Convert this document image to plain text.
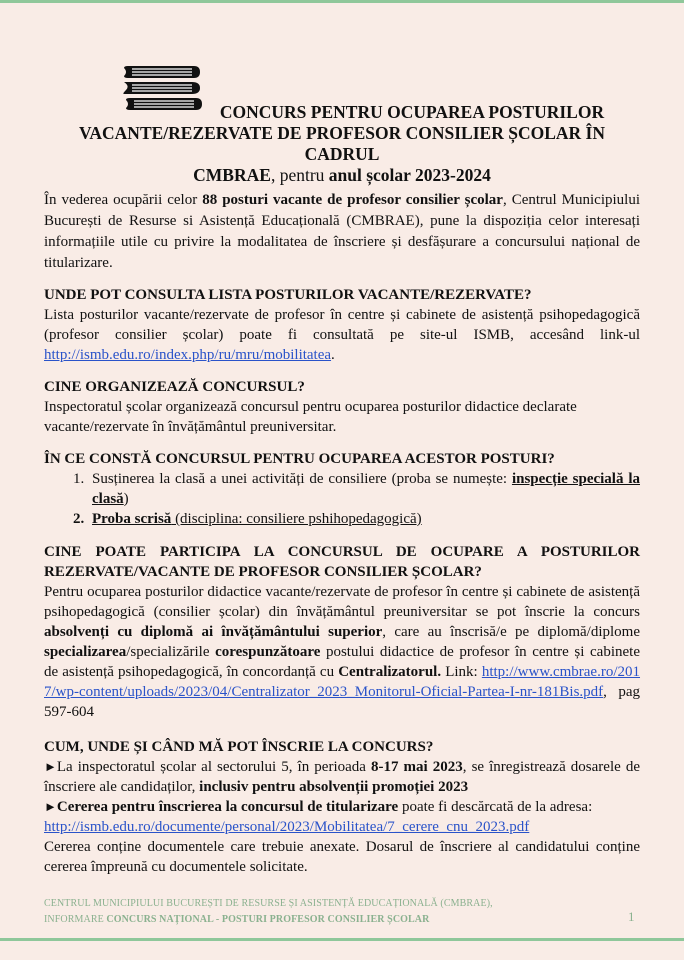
CONCURS PENTRU OCUPAREA POSTURILOR
VACANTE/REZERVATE DE PROFESOR CONSILIER ȘCOLAR ÎN CADRUL
CMBRAE, pentru anul școlar 2023-2024
În vederea ocupării celor 88 posturi vacante de profesor consilier școlar, Centrul Municipiului București de Resurse si Asistență Educațională (CMBRAE), pune la dispoziția celor interesați informațiile utile cu privire la modalitatea de înscriere și desfășurare a concursului național de titularizare.
UNDE POT CONSULTA LISTA POSTURILOR VACANTE/REZERVATE?
Lista posturilor vacante/rezervate de profesor în centre și cabinete de asistență psihopedagogică (profesor consilier școlar) poate fi consultată pe site-ul ISMB, accesând link-ul http://ismb.edu.ro/index.php/ru/mru/mobilitatea.
CINE ORGANIZEAZĂ CONCURSUL?
Inspectoratul școlar organizează concursul pentru ocuparea posturilor didactice declarate vacante/rezervate în învățământul preuniversitar.
ÎN CE CONSTĂ CONCURSUL PENTRU OCUPAREA ACESTOR POSTURI?
1. Susținerea la clasă a unei activități de consiliere (proba se numește: inspecție specială la clasă)
2. Proba scrisă (disciplina: consiliere pshihopedagogică)
CINE POATE PARTICIPA LA CONCURSUL DE OCUPARE A POSTURILOR REZERVATE/VACANTE DE PROFESOR CONSILIER ȘCOLAR?
Pentru ocuparea posturilor didactice vacante/rezervate de profesor în centre și cabinete de asistență psihopedagogică (consilier școlar) din învățământul preuniversitar se pot înscrie la concurs absolvenți cu diplomă ai învățământului superior, care au înscrisă/e pe diplomă/diplome specializarea/specializările corespunzătoare postului didactice de profesor în centre și cabinete de asistență psihopedagogică, în concordanță cu Centralizatorul. Link: http://www.cmbrae.ro/2017/wp-content/uploads/2023/04/Centralizator_2023_Monitorul-Oficial-Partea-I-nr-181Bis.pdf, pag 597-604
CUM, UNDE ȘI CÂND MĂ POT ÎNSCRIE LA CONCURS?
►La inspectoratul școlar al sectorului 5, în perioada 8-17 mai 2023, se înregistrează dosarele de înscriere ale candidaților, inclusiv pentru absolvenții promoției 2023
►Cererea pentru înscrierea la concursul de titularizare poate fi descărcată de la adresa:
http://ismb.edu.ro/documente/personal/2023/Mobilitatea/7_cerere_cnu_2023.pdf
Cererea conține documentele care trebuie anexate. Dosarul de înscriere al candidatului conține cererea împreună cu documentele solicitate.
CENTRUL MUNICIPIULUI BUCUREȘTI DE RESURSE ȘI ASISTENȚĂ EDUCAȚIONALĂ (CMBRAE),
INFORMARE CONCURS NAȚIONAL - POSTURI PROFESOR CONSILIER ȘCOLAR	1
